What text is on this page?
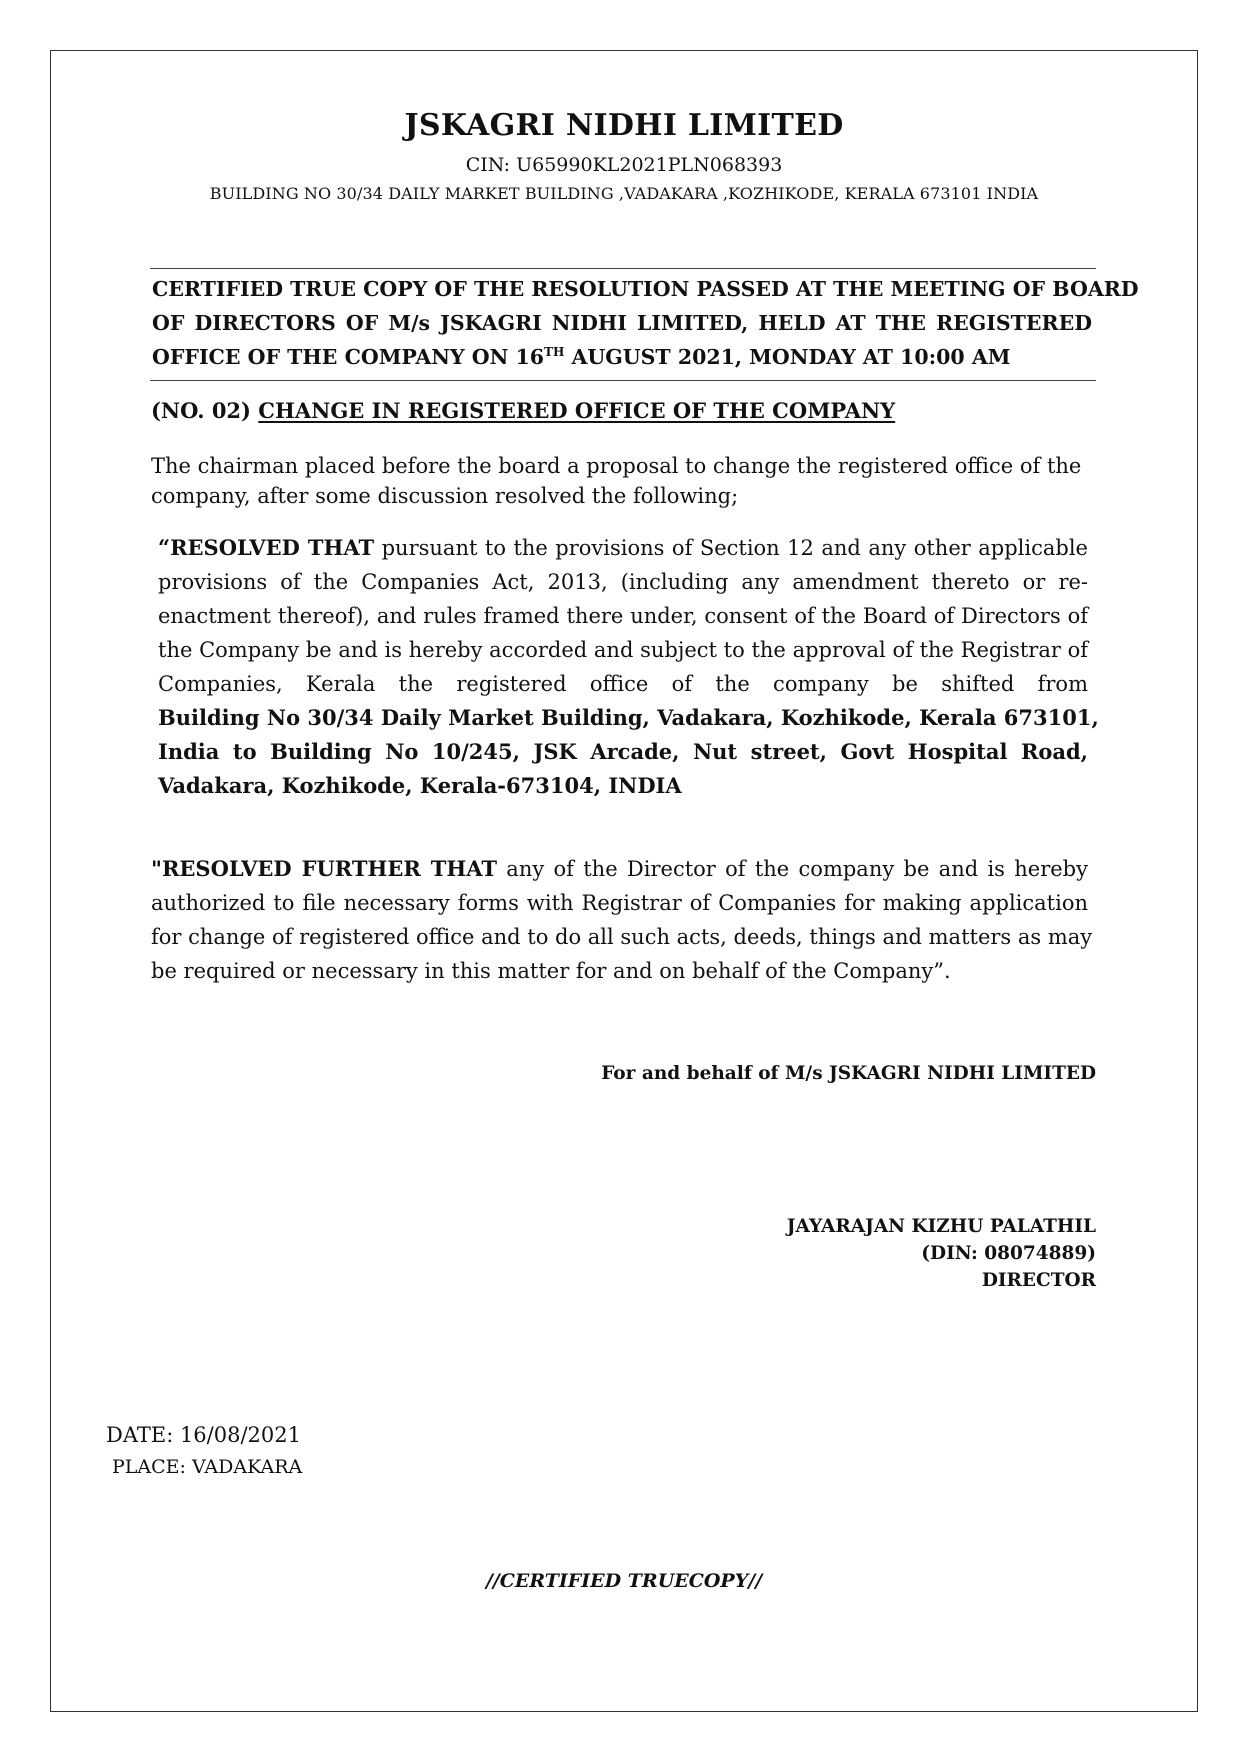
JSKAGRI NIDHI LIMITED
CIN: U65990KL2021PLN068393
BUILDING NO 30/34 DAILY MARKET BUILDING ,VADAKARA ,KOZHIKODE, KERALA 673101 INDIA
CERTIFIED TRUE COPY OF THE RESOLUTION PASSED AT THE MEETING OF BOARD
OF DIRECTORS OF M/s JSKAGRI NIDHI LIMITED, HELD AT THE REGISTERED
OFFICE OF THE COMPANY ON 16TH AUGUST 2021, MONDAY AT 10:00 AM
(NO. 02) CHANGE IN REGISTERED OFFICE OF THE COMPANY
The chairman placed before the board a proposal to change the registered office of the
company, after some discussion resolved the following;
“RESOLVED THAT pursuant to the provisions of Section 12 and any other applicable
provisions of the Companies Act, 2013, (including any amendment thereto or re-
enactment thereof), and rules framed there under, consent of the Board of Directors of
the Company be and is hereby accorded and subject to the approval of the Registrar of
Companies, Kerala the registered office of the company be shifted from
Building No 30/34 Daily Market Building, Vadakara, Kozhikode, Kerala 673101,
India to Building No 10/245, JSK Arcade, Nut street, Govt Hospital Road,
Vadakara, Kozhikode, Kerala-673104, INDIA
"RESOLVED FURTHER THAT any of the Director of the company be and is hereby
authorized to file necessary forms with Registrar of Companies for making application
for change of registered office and to do all such acts, deeds, things and matters as may
be required or necessary in this matter for and on behalf of the Company”.
For and behalf of M/s JSKAGRI NIDHI LIMITED
JAYARAJAN KIZHU PALATHIL
(DIN: 08074889)
DIRECTOR
DATE: 16/08/2021
PLACE: VADAKARA
//CERTIFIED TRUECOPY//
